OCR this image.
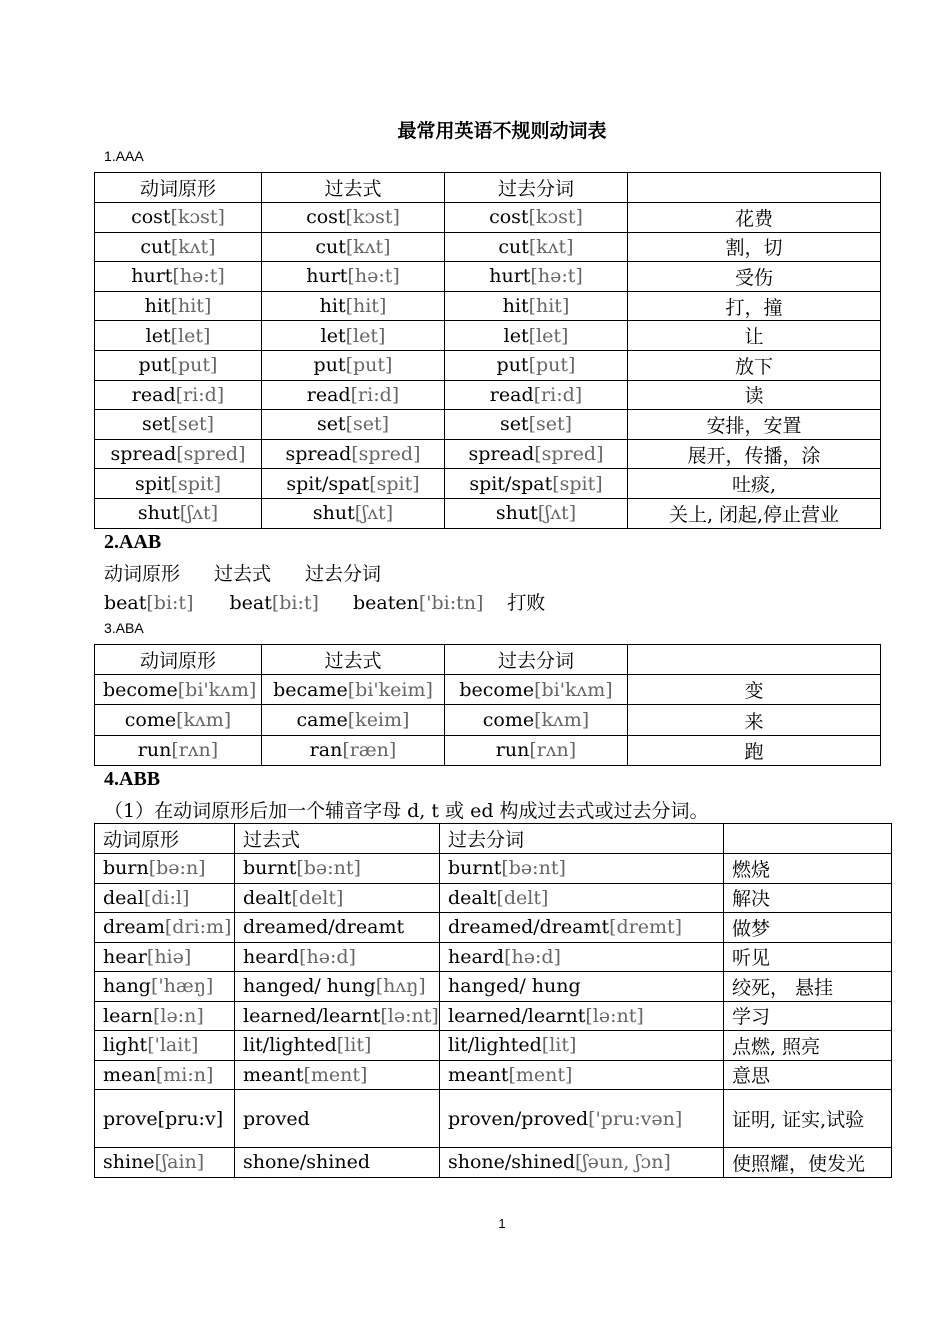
最常用英语不规则动词表
1.AAA
动词原形	过去式	过去分词	
cost[kɔst]	cost[kɔst]	cost[kɔst]	花费
cut[kʌt]	cut[kʌt]	cut[kʌt]	割，切
hurt[hə:t]	hurt[hə:t]	hurt[hə:t]	受伤
hit[hit]	hit[hit]	hit[hit]	打，撞
let[let]	let[let]	let[let]	让
put[put]	put[put]	put[put]	放下
read[ri:d]	read[ri:d]	read[ri:d]	读
set[set]	set[set]	set[set]	安排，安置
spread[spred]	spread[spred]	spread[spred]	展开，传播，涂
spit[spit]	spit/spat[spit]	spit/spat[spit]	吐痰,
shut[ʃʌt]	shut[ʃʌt]	shut[ʃʌt]	关上, 闭起,停止营业
2.AAB
动词原形 过去式 过去分词
beat[bi:t] beat[bi:t] beaten['bi:tn] 打败
3.ABA
动词原形	过去式	过去分词	
become[bi'kʌm]	became[bi'keim]	become[bi'kʌm]	变
come[kʌm]	came[keim]	come[kʌm]	来
run[rʌn]	ran[ræn]	run[rʌn]	跑
4.ABB
（1）在动词原形后加一个辅音字母 d, t 或 ed 构成过去式或过去分词。
动词原形	过去式	过去分词	
burn[bə:n]	burnt[bə:nt]	burnt[bə:nt]	燃烧
deal[di:l]	dealt[delt]	dealt[delt]	解决
dream[dri:m]	dreamed/dreamt	dreamed/dreamt[dremt]	做梦
hear[hiə]	heard[hə:d]	heard[hə:d]	听见
hang['hæŋ]	hanged/ hung[hʌŋ]	hanged/ hung	绞死， 悬挂
learn[lə:n]	learned/learnt[lə:nt]	learned/learnt[lə:nt]	学习
light['lait]	lit/lighted[lit]	lit/lighted[lit]	点燃, 照亮
mean[mi:n]	meant[ment]	meant[ment]	意思
prove[pru:v]	proved	proven/proved['pru:vən]	证明, 证实,试验
shine[ʃain]	shone/shined	shone/shined[ʃəun, ʃɔn]	使照耀，使发光
1
